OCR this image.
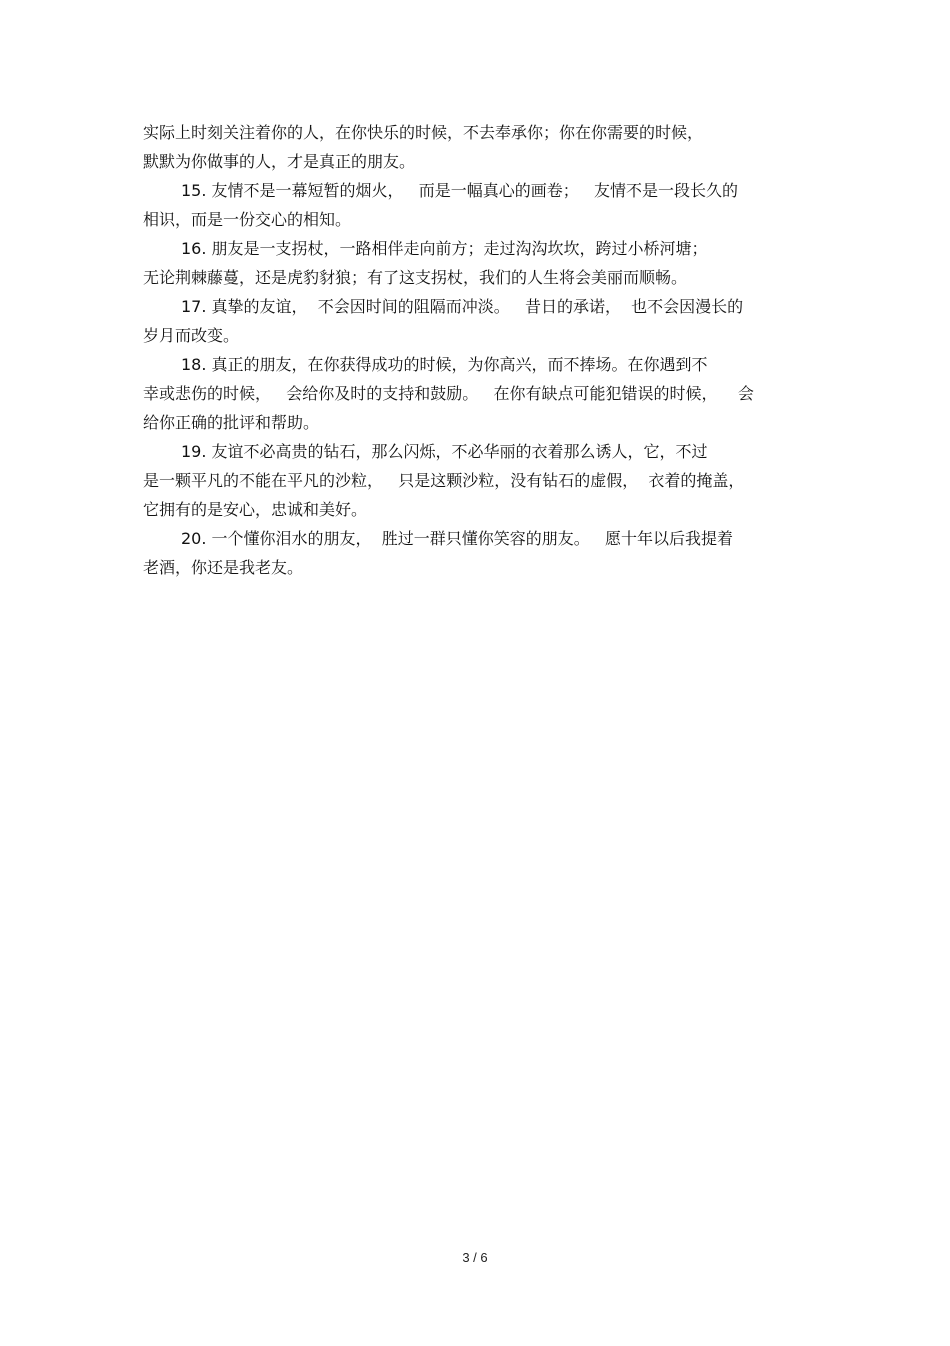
实际上时刻关注着你的人，在你快乐的时候，不去奉承你；你在你需要的时候，
默默为你做事的人，才是真正的朋友。
15. 友情不是一幕短暂的烟火，   而是一幅真心的画卷；   友情不是一段长久的
相识，而是一份交心的相知。
16. 朋友是一支拐杖，一路相伴走向前方；走过沟沟坎坎，跨过小桥河塘；
无论荆棘藤蔓，还是虎豹豺狼；有了这支拐杖，我们的人生将会美丽而顺畅。
17. 真挚的友谊，  不会因时间的阻隔而冲淡。   昔日的承诺，  也不会因漫长的
岁月而改变。
18. 真正的朋友，在你获得成功的时候，为你高兴，而不捧场。在你遇到不
幸或悲伤的时候，   会给你及时的支持和鼓励。   在你有缺点可能犯错误的时候，    会
给你正确的批评和帮助。
19. 友谊不必高贵的钻石，那么闪烁，不必华丽的衣着那么诱人，它，不过
是一颗平凡的不能在平凡的沙粒，   只是这颗沙粒，没有钻石的虚假，  衣着的掩盖，
它拥有的是安心，忠诚和美好。
20. 一个懂你泪水的朋友，  胜过一群只懂你笑容的朋友。   愿十年以后我提着
老酒，你还是我老友。
3 / 6
